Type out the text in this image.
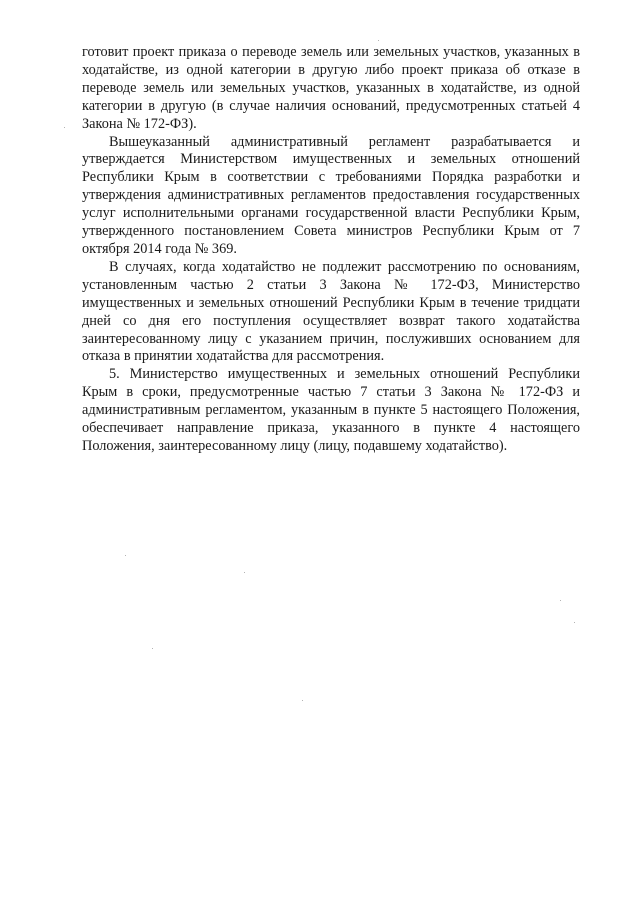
готовит проект приказа о переводе земель или земельных участков, указанных в ходатайстве, из одной категории в другую либо проект приказа об отказе в переводе земель или земельных участков, указанных в ходатайстве, из одной категории в другую (в случае наличия оснований, предусмотренных статьей 4 Закона № 172-ФЗ).

Вышеуказанный административный регламент разрабатывается и утверждается Министерством имущественных и земельных отношений Республики Крым в соответствии с требованиями Порядка разработки и утверждения административных регламентов предоставления государственных услуг исполнительными органами государственной власти Республики Крым, утвержденного постановлением Совета министров Республики Крым от 7 октября 2014 года № 369.

В случаях, когда ходатайство не подлежит рассмотрению по основаниям, установленным частью 2 статьи 3 Закона № 172-ФЗ, Министерство имущественных и земельных отношений Республики Крым в течение тридцати дней со дня его поступления осуществляет возврат такого ходатайства заинтересованному лицу с указанием причин, послуживших основанием для отказа в принятии ходатайства для рассмотрения.

5. Министерство имущественных и земельных отношений Республики Крым в сроки, предусмотренные частью 7 статьи 3 Закона № 172-ФЗ и административным регламентом, указанным в пункте 5 настоящего Положения, обеспечивает направление приказа, указанного в пункте 4 настоящего Положения, заинтересованному лицу (лицу, подавшему ходатайство).
